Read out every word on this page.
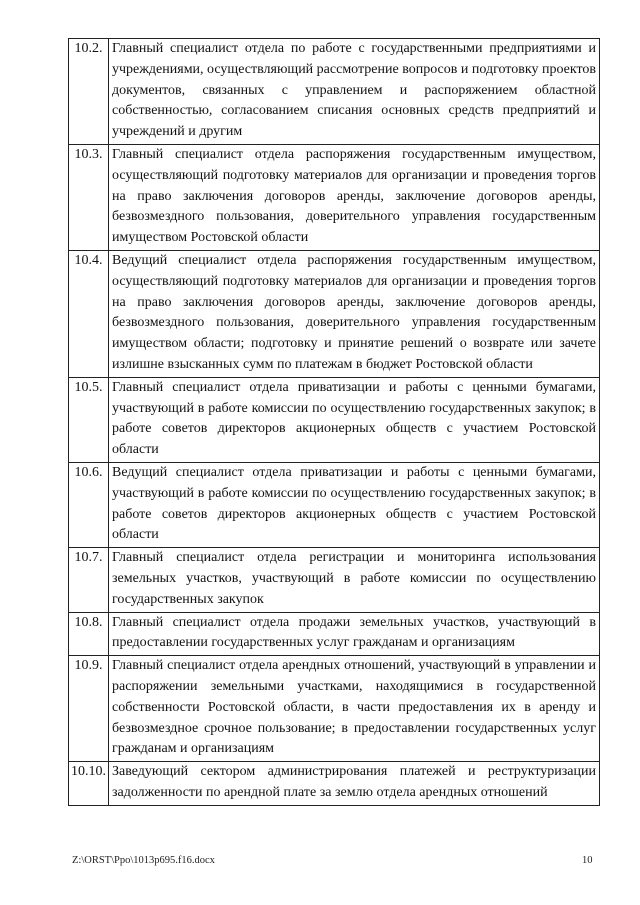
10.2.	Главный специалист отдела по работе с государственными предприятиями и учреждениями, осуществляющий рассмотрение вопросов и подготовку проектов документов, связанных с управлением и распоряжением областной собственностью, согласованием списания основных средств предприятий и учреждений и другим
10.3.	Главный специалист отдела распоряжения государственным имуществом, осуществляющий подготовку материалов для организации и проведения торгов на право заключения договоров аренды, заключение договоров аренды, безвозмездного пользования, доверительного управления государственным имуществом Ростовской области
10.4.	Ведущий специалист отдела распоряжения государственным имуществом, осуществляющий подготовку материалов для организации и проведения торгов на право заключения договоров аренды, заключение договоров аренды, безвозмездного пользования, доверительного управления государственным имуществом области; подготовку и принятие решений о возврате или зачете излишне взысканных сумм по платежам в бюджет Ростовской области
10.5.	Главный специалист отдела приватизации и работы с ценными бумагами, участвующий в работе комиссии по осуществлению государственных закупок; в работе советов директоров акционерных обществ с участием Ростовской области
10.6.	Ведущий специалист отдела приватизации и работы с ценными бумагами, участвующий в работе комиссии по осуществлению государственных закупок; в работе советов директоров акционерных обществ с участием Ростовской области
10.7.	Главный специалист отдела регистрации и мониторинга использования земельных участков, участвующий в работе комиссии по осуществлению государственных закупок
10.8.	Главный специалист отдела продажи земельных участков, участвующий в предоставлении государственных услуг гражданам и организациям
10.9.	Главный специалист отдела арендных отношений, участвующий в управлении и распоряжении земельными участками, находящимися в государственной собственности Ростовской области, в части предоставления их в аренду и безвозмездное срочное пользование; в предоставлении государственных услуг гражданам и организациям
10.10.	Заведующий сектором администрирования платежей и реструктуризации задолженности по арендной плате за землю отдела арендных отношений
Z:\ORST\Ppo\1013p695.f16.docx	10
